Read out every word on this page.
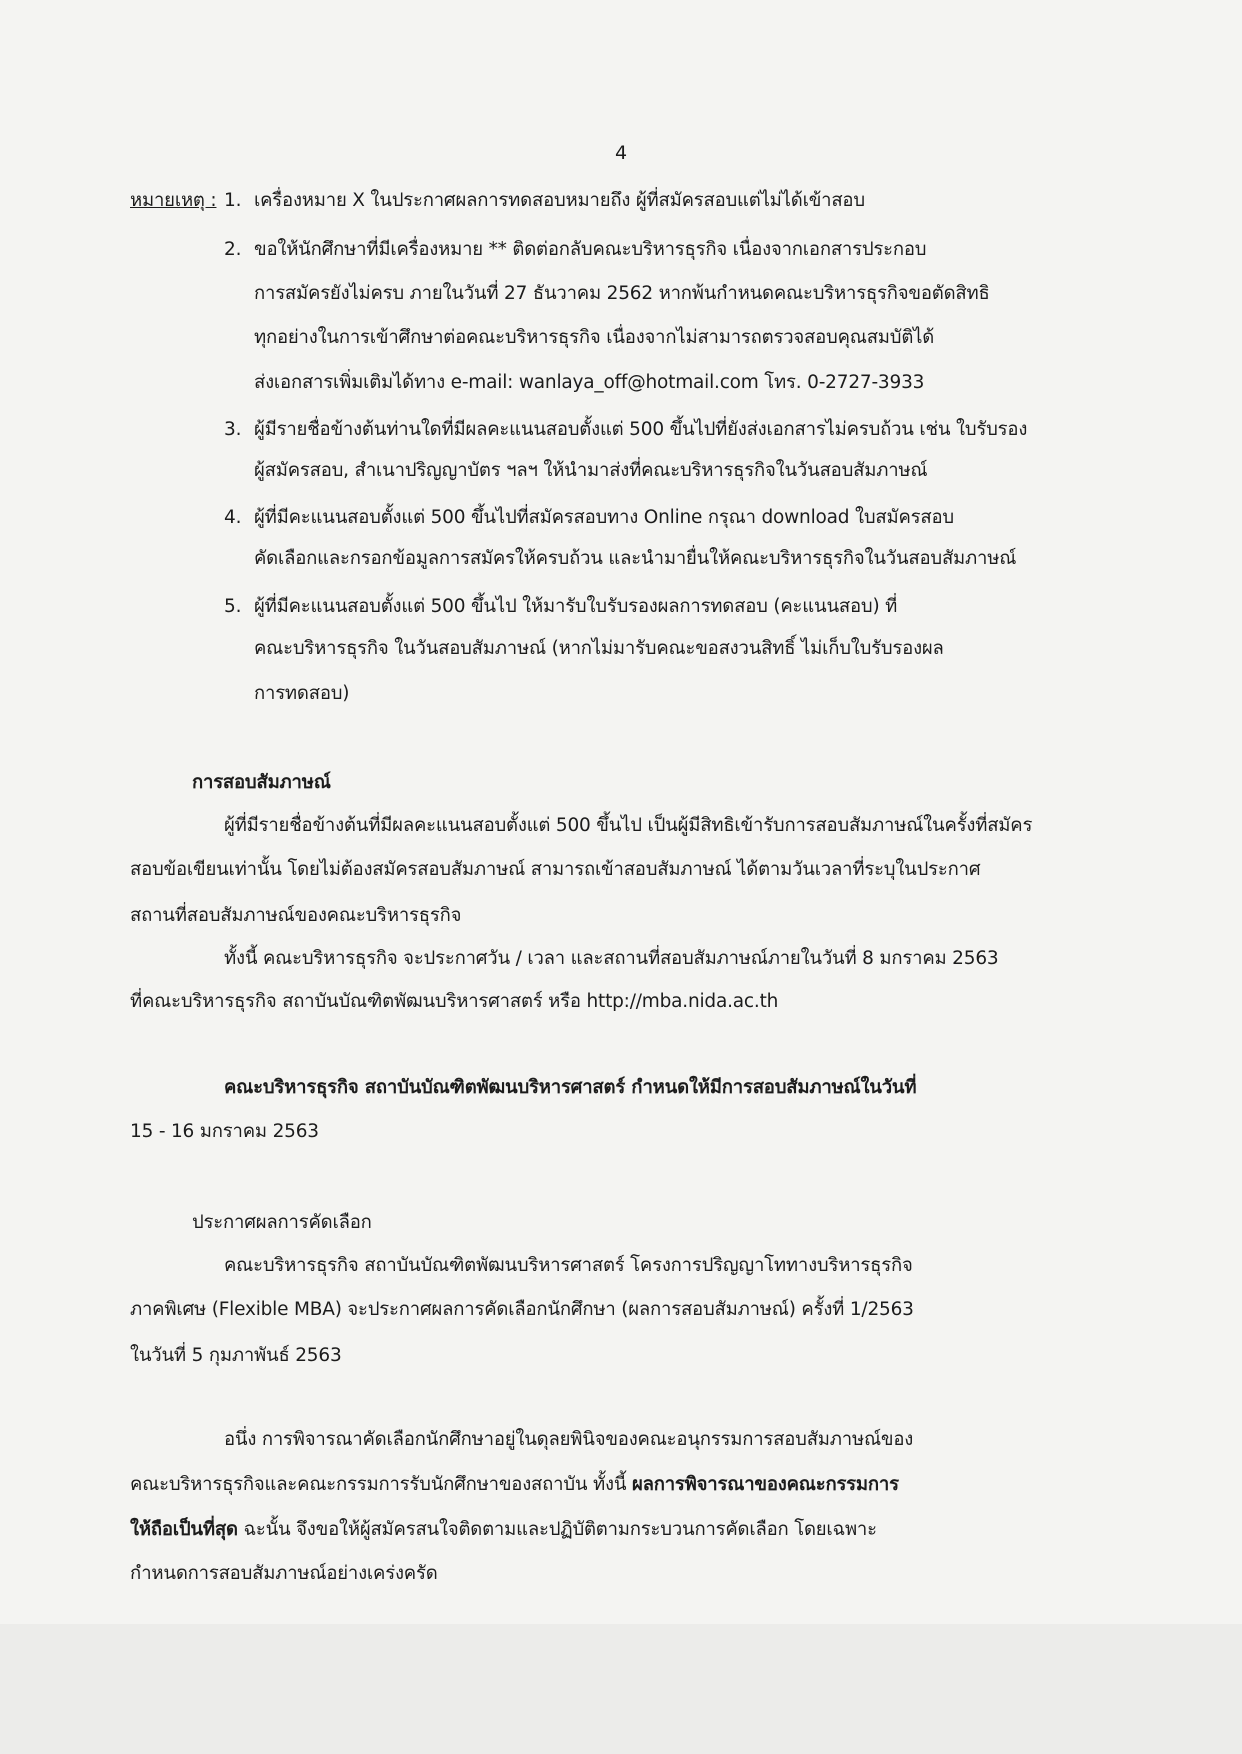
4
หมายเหตุ : 1. เครื่องหมาย X ในประกาศผลการทดสอบหมายถึง ผู้ที่สมัครสอบแต่ไม่ได้เข้าสอบ
2. ขอให้นักศึกษาที่มีเครื่องหมาย ** ติดต่อกลับคณะบริหารธุรกิจ เนื่องจากเอกสารประกอบ
การสมัครยังไม่ครบ ภายในวันที่ 27 ธันวาคม 2562 หากพ้นกำหนดคณะบริหารธุรกิจขอตัดสิทธิ
ทุกอย่างในการเข้าศึกษาต่อคณะบริหารธุรกิจ เนื่องจากไม่สามารถตรวจสอบคุณสมบัติได้
ส่งเอกสารเพิ่มเติมได้ทาง e-mail: wanlaya_off@hotmail.com โทร. 0-2727-3933
3. ผู้มีรายชื่อข้างต้นท่านใดที่มีผลคะแนนสอบตั้งแต่ 500 ขึ้นไปที่ยังส่งเอกสารไม่ครบถ้วน เช่น ใบรับรอง
ผู้สมัครสอบ, สำเนาปริญญาบัตร ฯลฯ ให้นำมาส่งที่คณะบริหารธุรกิจในวันสอบสัมภาษณ์
4. ผู้ที่มีคะแนนสอบตั้งแต่ 500 ขึ้นไปที่สมัครสอบทาง Online กรุณา download ใบสมัครสอบ
คัดเลือกและกรอกข้อมูลการสมัครให้ครบถ้วน และนำมายื่นให้คณะบริหารธุรกิจในวันสอบสัมภาษณ์
5. ผู้ที่มีคะแนนสอบตั้งแต่ 500 ขึ้นไป ให้มารับใบรับรองผลการทดสอบ (คะแนนสอบ) ที่
คณะบริหารธุรกิจ ในวันสอบสัมภาษณ์ (หากไม่มารับคณะขอสงวนสิทธิ์ ไม่เก็บใบรับรองผล
การทดสอบ)
การสอบสัมภาษณ์
ผู้ที่มีรายชื่อข้างต้นที่มีผลคะแนนสอบตั้งแต่ 500 ขึ้นไป เป็นผู้มีสิทธิเข้ารับการสอบสัมภาษณ์ในครั้งที่สมัคร
สอบข้อเขียนเท่านั้น โดยไม่ต้องสมัครสอบสัมภาษณ์ สามารถเข้าสอบสัมภาษณ์ ได้ตามวันเวลาที่ระบุในประกาศ
สถานที่สอบสัมภาษณ์ของคณะบริหารธุรกิจ
ทั้งนี้ คณะบริหารธุรกิจ จะประกาศวัน / เวลา และสถานที่สอบสัมภาษณ์ภายในวันที่ 8 มกราคม 2563
ที่คณะบริหารธุรกิจ สถาบันบัณฑิตพัฒนบริหารศาสตร์ หรือ http://mba.nida.ac.th
คณะบริหารธุรกิจ สถาบันบัณฑิตพัฒนบริหารศาสตร์ กำหนดให้มีการสอบสัมภาษณ์ในวันที่
15 - 16 มกราคม 2563
ประกาศผลการคัดเลือก
คณะบริหารธุรกิจ สถาบันบัณฑิตพัฒนบริหารศาสตร์ โครงการปริญญาโททางบริหารธุรกิจ
ภาคพิเศษ (Flexible MBA) จะประกาศผลการคัดเลือกนักศึกษา (ผลการสอบสัมภาษณ์) ครั้งที่ 1/2563
ในวันที่ 5 กุมภาพันธ์ 2563
อนึ่ง การพิจารณาคัดเลือกนักศึกษาอยู่ในดุลยพินิจของคณะอนุกรรมการสอบสัมภาษณ์ของ
คณะบริหารธุรกิจและคณะกรรมการรับนักศึกษาของสถาบัน ทั้งนี้ ผลการพิจารณาของคณะกรรมการ
ให้ถือเป็นที่สุด ฉะนั้น จึงขอให้ผู้สมัครสนใจติดตามและปฏิบัติตามกระบวนการคัดเลือก โดยเฉพาะ
กำหนดการสอบสัมภาษณ์อย่างเคร่งครัด
